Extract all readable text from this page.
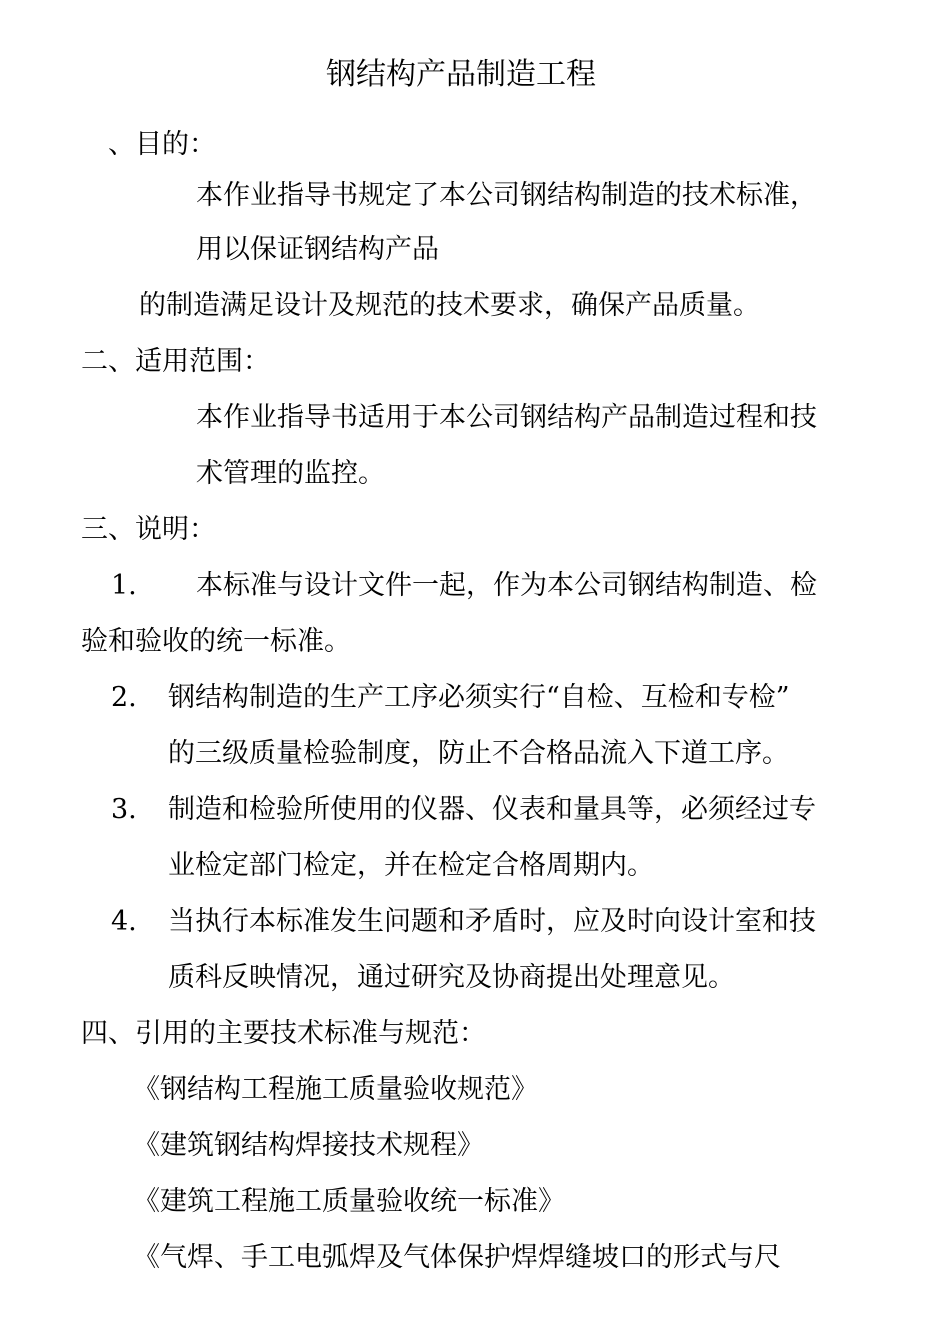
钢结构产品制造工程
、目的：
本作业指导书规定了本公司钢结构制造的技术标准，
用以保证钢结构产品
的制造满足设计及规范的技术要求，确保产品质量。
二、适用范围：
本作业指导书适用于本公司钢结构产品制造过程和技
术管理的监控。
三、说明：
1. 本标准与设计文件一起，作为本公司钢结构制造、检
验和验收的统一标准。
2. 钢结构制造的生产工序必须实行“自检、互检和专检”
的三级质量检验制度，防止不合格品流入下道工序。
3. 制造和检验所使用的仪器、仪表和量具等，必须经过专
业检定部门检定，并在检定合格周期内。
4. 当执行本标准发生问题和矛盾时，应及时向设计室和技
质科反映情况，通过研究及协商提出处理意见。
四、引用的主要技术标准与规范：
《钢结构工程施工质量验收规范》
《建筑钢结构焊接技术规程》
《建筑工程施工质量验收统一标准》
《气焊、手工电弧焊及气体保护焊焊缝坡口的形式与尺
